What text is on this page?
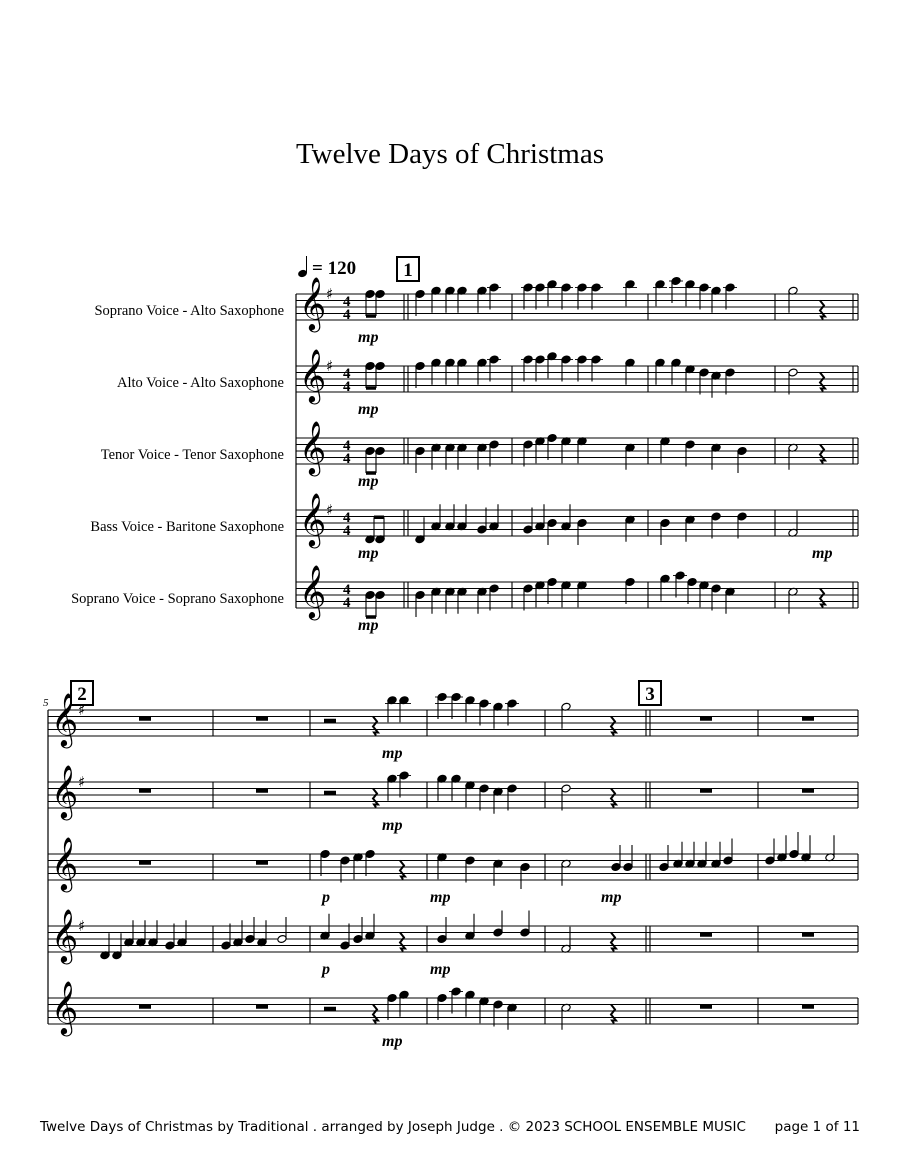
Twelve Days of Christmas
= 120
Soprano Voice - Alto Saxophone
Alto Voice - Alto Saxophone
Tenor Voice - Tenor Saxophone
Bass Voice - Baritone Saxophone
Soprano Voice - Soprano Saxophone
5
𝄞 ♯ 4
4
𝄞 ♯ 4
4
𝄞 4
4
𝄞 ♯ 4
4
𝄞 4
4
1
mp
mp
mp
mp
mp
mp
2	3
𝄞 ♯
𝄞 ♯
𝄞
𝄞 ♯
𝄞
mp
mp
mp
p	mp	mp
p	mp
Twelve Days of Christmas by Traditional . arranged by Joseph Judge . © 2023 SCHOOL ENSEMBLE MUSIC page 1 of 11
